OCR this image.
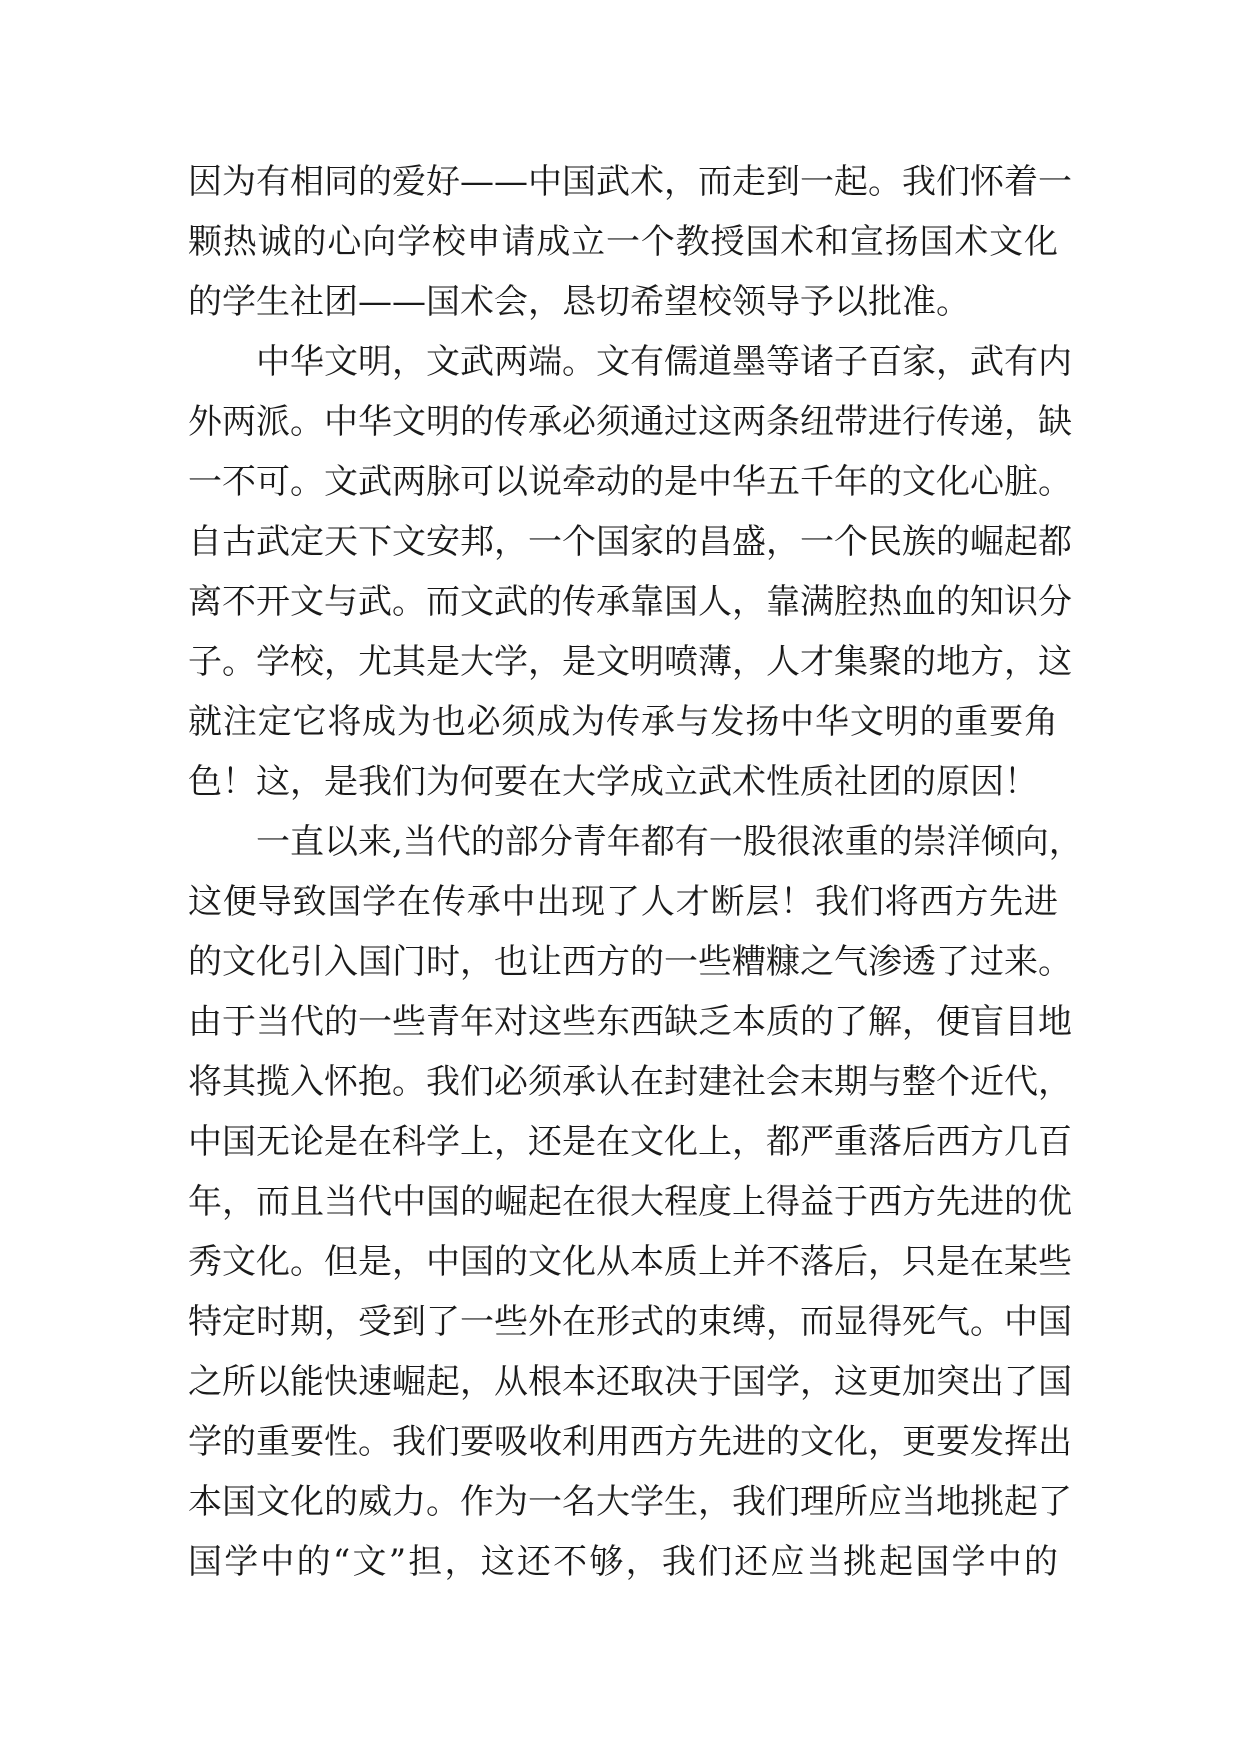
因为有相同的爱好——中国武术，而走到一起。我们怀着一
颗热诚的心向学校申请成立一个教授国术和宣扬国术文化
的学生社团——国术会，恳切希望校领导予以批准。
中华文明，文武两端。文有儒道墨等诸子百家，武有内
外两派。中华文明的传承必须通过这两条纽带进行传递，缺
一不可。文武两脉可以说牵动的是中华五千年的文化心脏。
自古武定天下文安邦，一个国家的昌盛，一个民族的崛起都
离不开文与武。而文武的传承靠国人，靠满腔热血的知识分
子。学校，尤其是大学，是文明喷薄，人才集聚的地方，这
就注定它将成为也必须成为传承与发扬中华文明的重要角
色！这，是我们为何要在大学成立武术性质社团的原因！
一直以来,当代的部分青年都有一股很浓重的崇洋倾向，
这便导致国学在传承中出现了人才断层！我们将西方先进
的文化引入国门时，也让西方的一些糟糠之气渗透了过来。
由于当代的一些青年对这些东西缺乏本质的了解，便盲目地
将其揽入怀抱。我们必须承认在封建社会末期与整个近代，
中国无论是在科学上，还是在文化上，都严重落后西方几百
年，而且当代中国的崛起在很大程度上得益于西方先进的优
秀文化。但是，中国的文化从本质上并不落后，只是在某些
特定时期，受到了一些外在形式的束缚，而显得死气。中国
之所以能快速崛起，从根本还取决于国学，这更加突出了国
学的重要性。我们要吸收利用西方先进的文化，更要发挥出
本国文化的威力。作为一名大学生，我们理所应当地挑起了
国学中的“文”担，这还不够，我们还应当挑起国学中的
